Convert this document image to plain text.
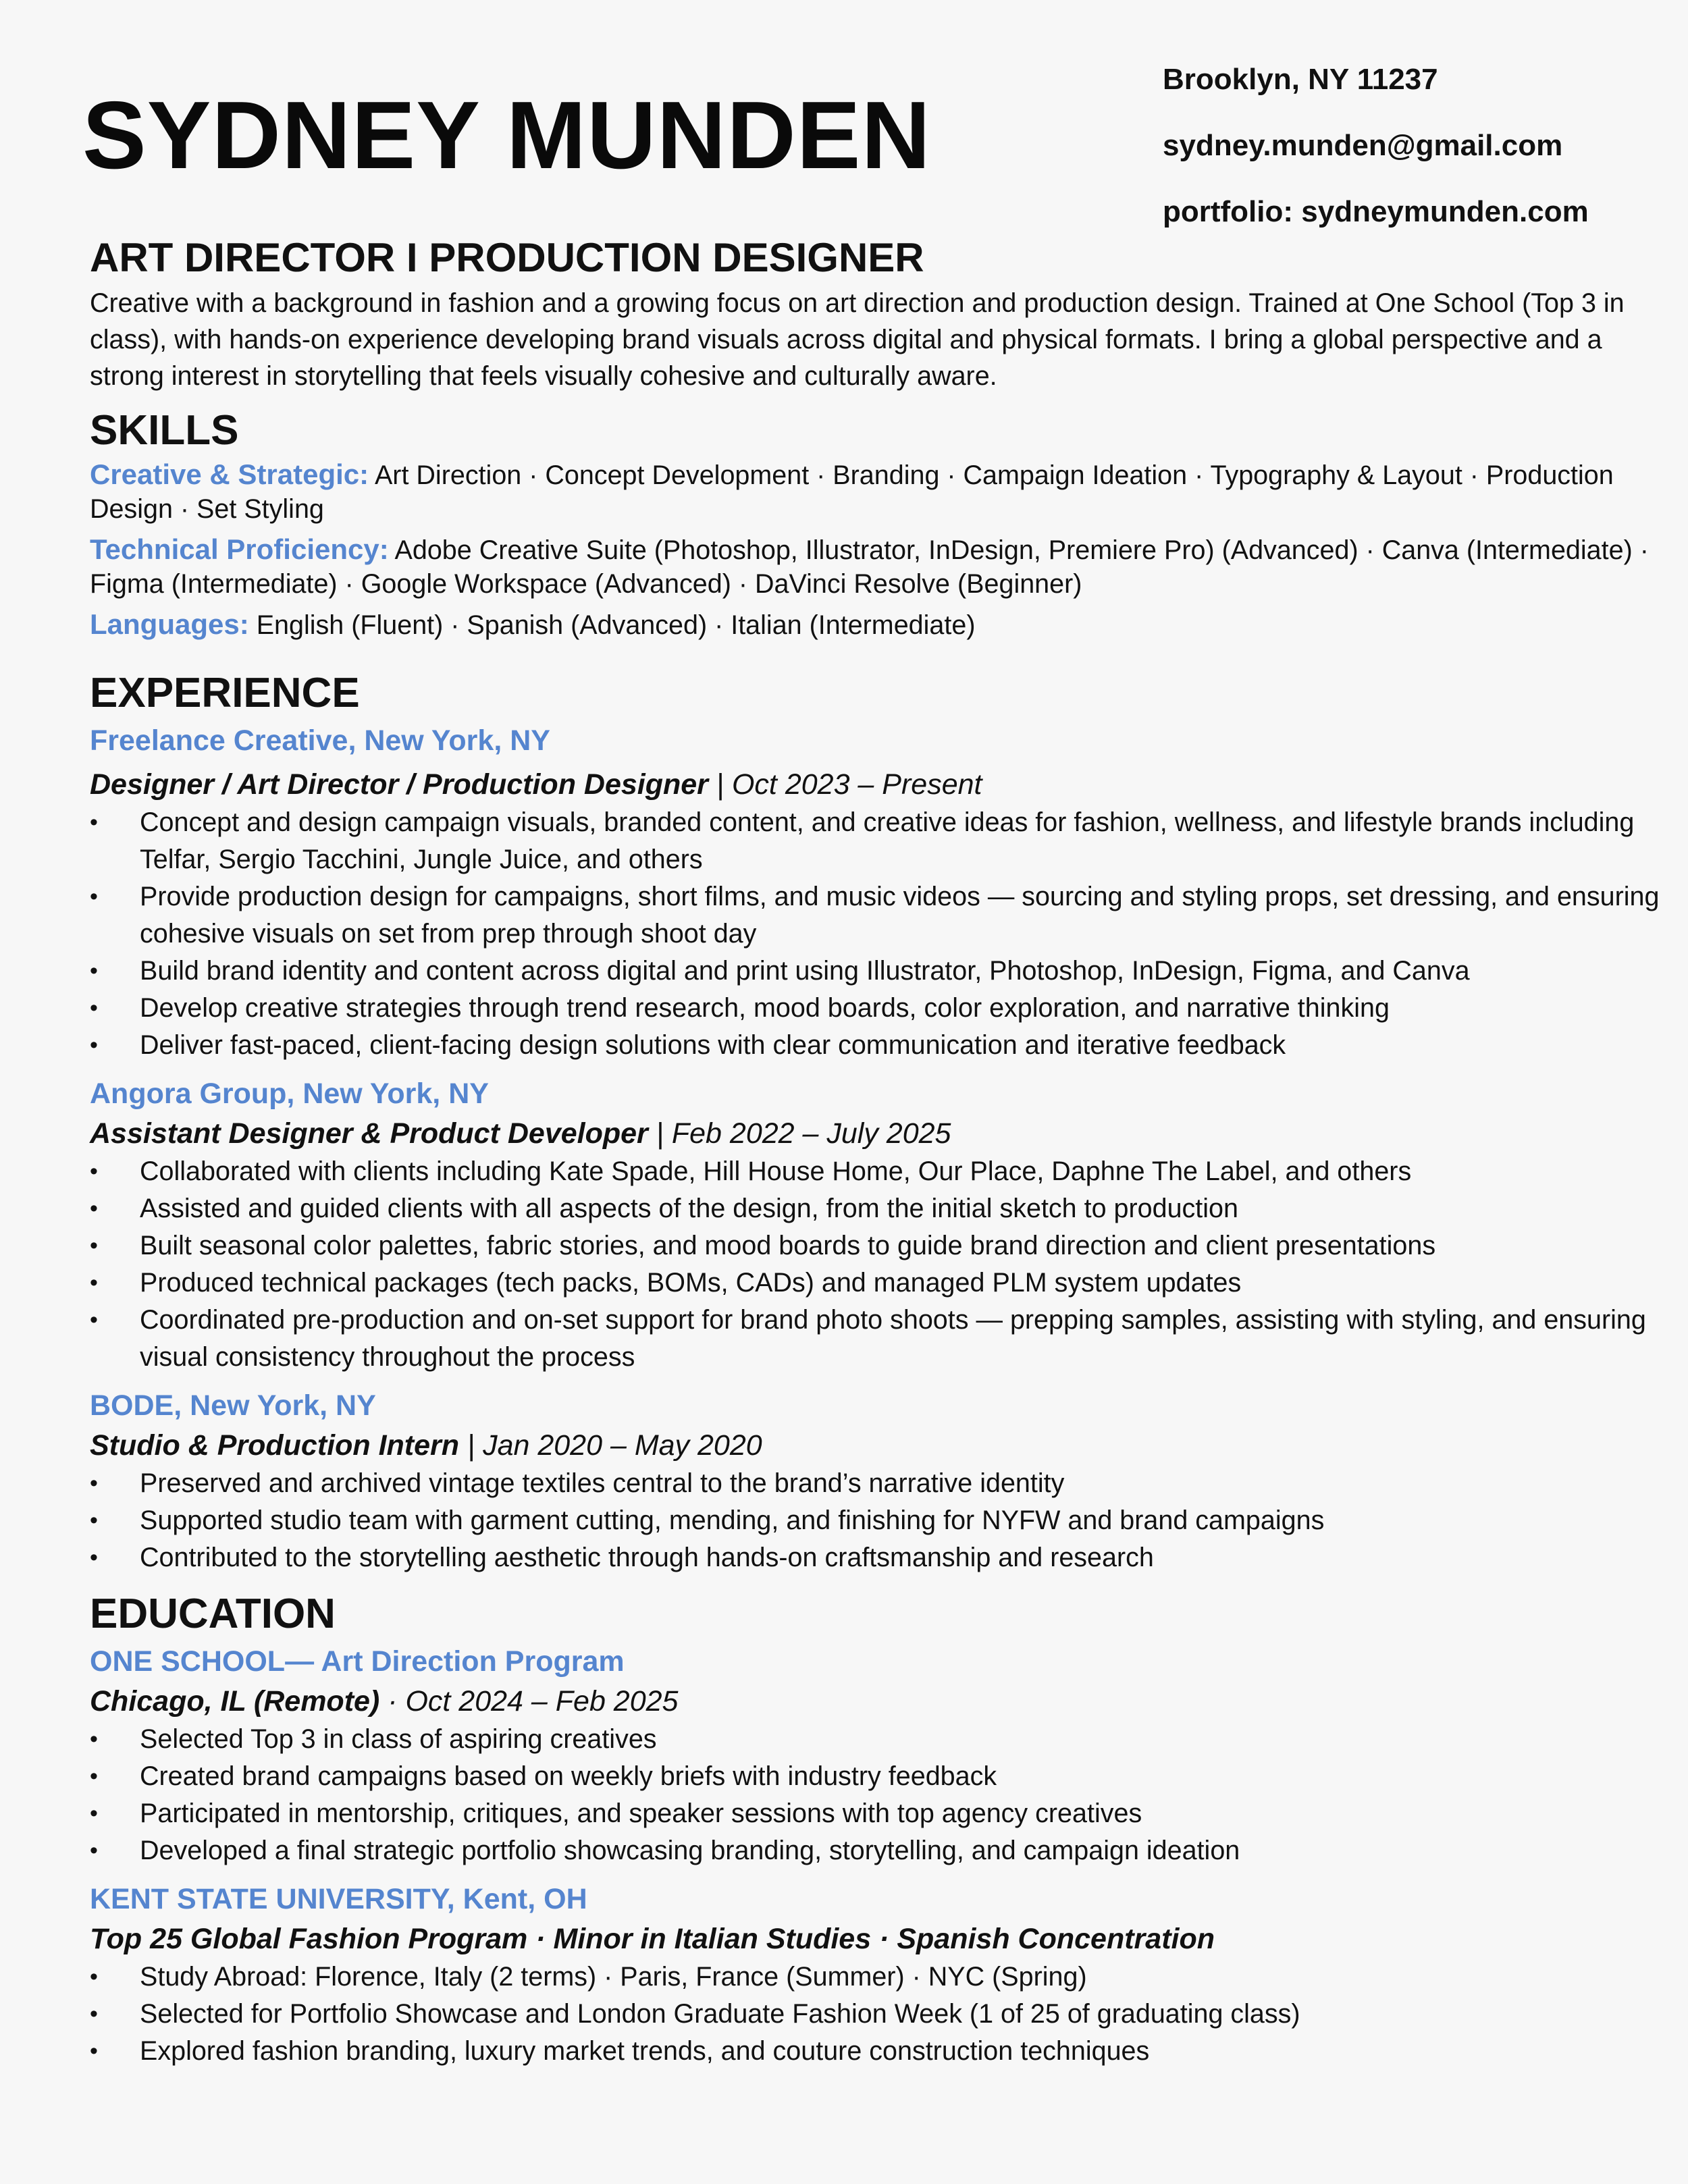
SYDNEY MUNDEN
Brooklyn, NY 11237
sydney.munden@gmail.com
portfolio: sydneymunden.com
ART DIRECTOR I PRODUCTION DESIGNER

Creative with a background in fashion and a growing focus on art direction and production design. Trained at One School (Top 3 in class), with hands-on experience developing brand visuals across digital and physical formats. I bring a global perspective and a strong interest in storytelling that feels visually cohesive and culturally aware.

SKILLS
Creative & Strategic: Art Direction · Concept Development · Branding · Campaign Ideation · Typography & Layout · Production Design · Set Styling
Technical Proficiency: Adobe Creative Suite (Photoshop, Illustrator, InDesign, Premiere Pro) (Advanced) · Canva (Intermediate) · Figma (Intermediate) · Google Workspace (Advanced) · DaVinci Resolve (Beginner)
Languages: English (Fluent) · Spanish (Advanced) · Italian (Intermediate)
EXPERIENCE

Freelance Creative, New York, NY

Designer / Art Director / Production Designer | Oct 2023 – Present

• Concept and design campaign visuals, branded content, and creative ideas for fashion, wellness, and lifestyle brands including Telfar, Sergio Tacchini, Jungle Juice, and others
• Provide production design for campaigns, short films, and music videos — sourcing and styling props, set dressing, and ensuring cohesive visuals on set from prep through shoot day
• Build brand identity and content across digital and print using Illustrator, Photoshop, InDesign, Figma, and Canva
• Develop creative strategies through trend research, mood boards, color exploration, and narrative thinking
• Deliver fast-paced, client-facing design solutions with clear communication and iterative feedback

Angora Group, New York, NY

Assistant Designer & Product Developer | Feb 2022 – July 2025

• Collaborated with clients including Kate Spade, Hill House Home, Our Place, Daphne The Label, and others
• Assisted and guided clients with all aspects of the design, from the initial sketch to production
• Built seasonal color palettes, fabric stories, and mood boards to guide brand direction and client presentations
• Produced technical packages (tech packs, BOMs, CADs) and managed PLM system updates
• Coordinated pre-production and on-set support for brand photo shoots — prepping samples, assisting with styling, and ensuring visual consistency throughout the process

BODE, New York, NY

Studio & Production Intern | Jan 2020 – May 2020

• Preserved and archived vintage textiles central to the brand’s narrative identity
• Supported studio team with garment cutting, mending, and finishing for NYFW and brand campaigns
• Contributed to the storytelling aesthetic through hands-on craftsmanship and research
EDUCATION

ONE SCHOOL— Art Direction Program

Chicago, IL (Remote) · Oct 2024 – Feb 2025

• Selected Top 3 in class of aspiring creatives
• Created brand campaigns based on weekly briefs with industry feedback
• Participated in mentorship, critiques, and speaker sessions with top agency creatives
• Developed a final strategic portfolio showcasing branding, storytelling, and campaign ideation

KENT STATE UNIVERSITY, Kent, OH

Top 25 Global Fashion Program · Minor in Italian Studies · Spanish Concentration

• Study Abroad: Florence, Italy (2 terms) · Paris, France (Summer) · NYC (Spring)
• Selected for Portfolio Showcase and London Graduate Fashion Week (1 of 25 of graduating class)
• Explored fashion branding, luxury market trends, and couture construction techniques
